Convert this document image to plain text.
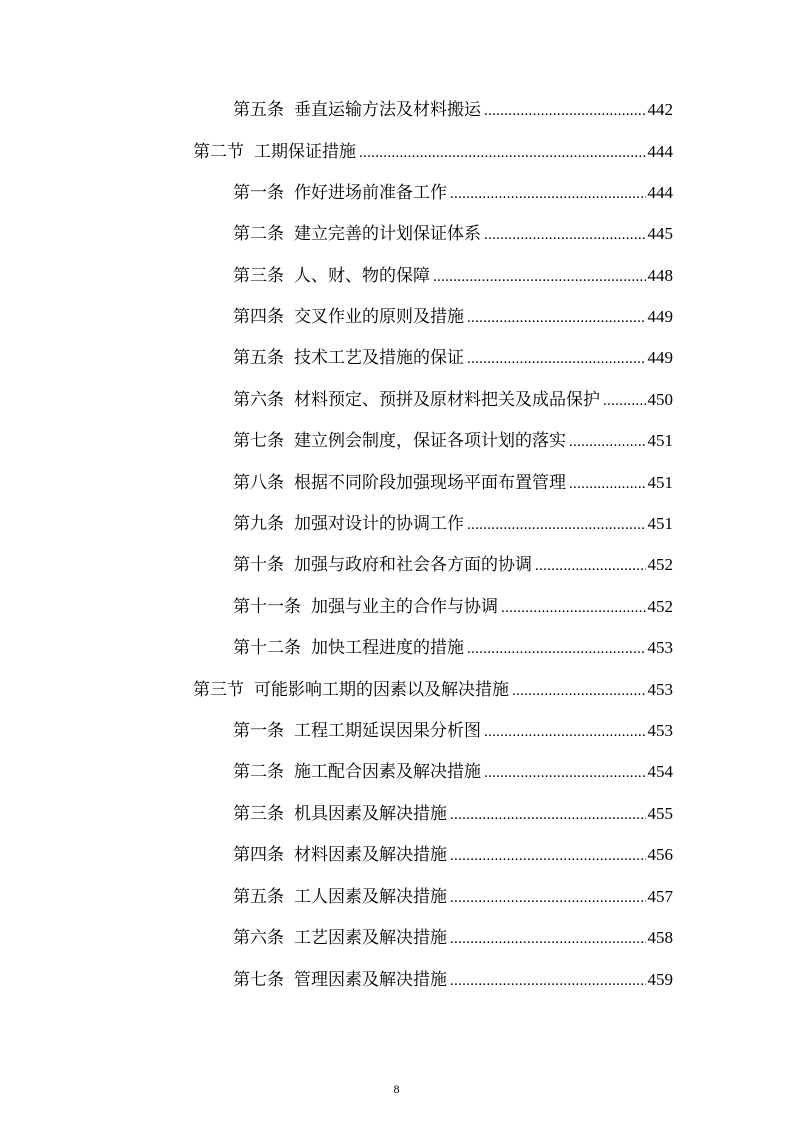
第五条 垂直运输方法及材料搬运 .....	442
第二节 工期保证措施 .....	444
第一条 作好进场前准备工作 .....	444
第二条 建立完善的计划保证体系 .....	445
第三条 人、财、物的保障 .....	448
第四条 交叉作业的原则及措施 .....	449
第五条 技术工艺及措施的保证 .....	449
第六条 材料预定、预拼及原材料把关及成品保护 .....	450
第七条 建立例会制度，保证各项计划的落实 .....	451
第八条 根据不同阶段加强现场平面布置管理 .....	451
第九条 加强对设计的协调工作 .....	451
第十条 加强与政府和社会各方面的协调 .....	452
第十一条 加强与业主的合作与协调 .....	452
第十二条 加快工程进度的措施 .....	453
第三节 可能影响工期的因素以及解决措施 .....	453
第一条 工程工期延误因果分析图 .....	453
第二条 施工配合因素及解决措施 .....	454
第三条 机具因素及解决措施 .....	455
第四条 材料因素及解决措施 .....	456
第五条 工人因素及解决措施 .....	457
第六条 工艺因素及解决措施 .....	458
第七条 管理因素及解决措施 .....	459
8
